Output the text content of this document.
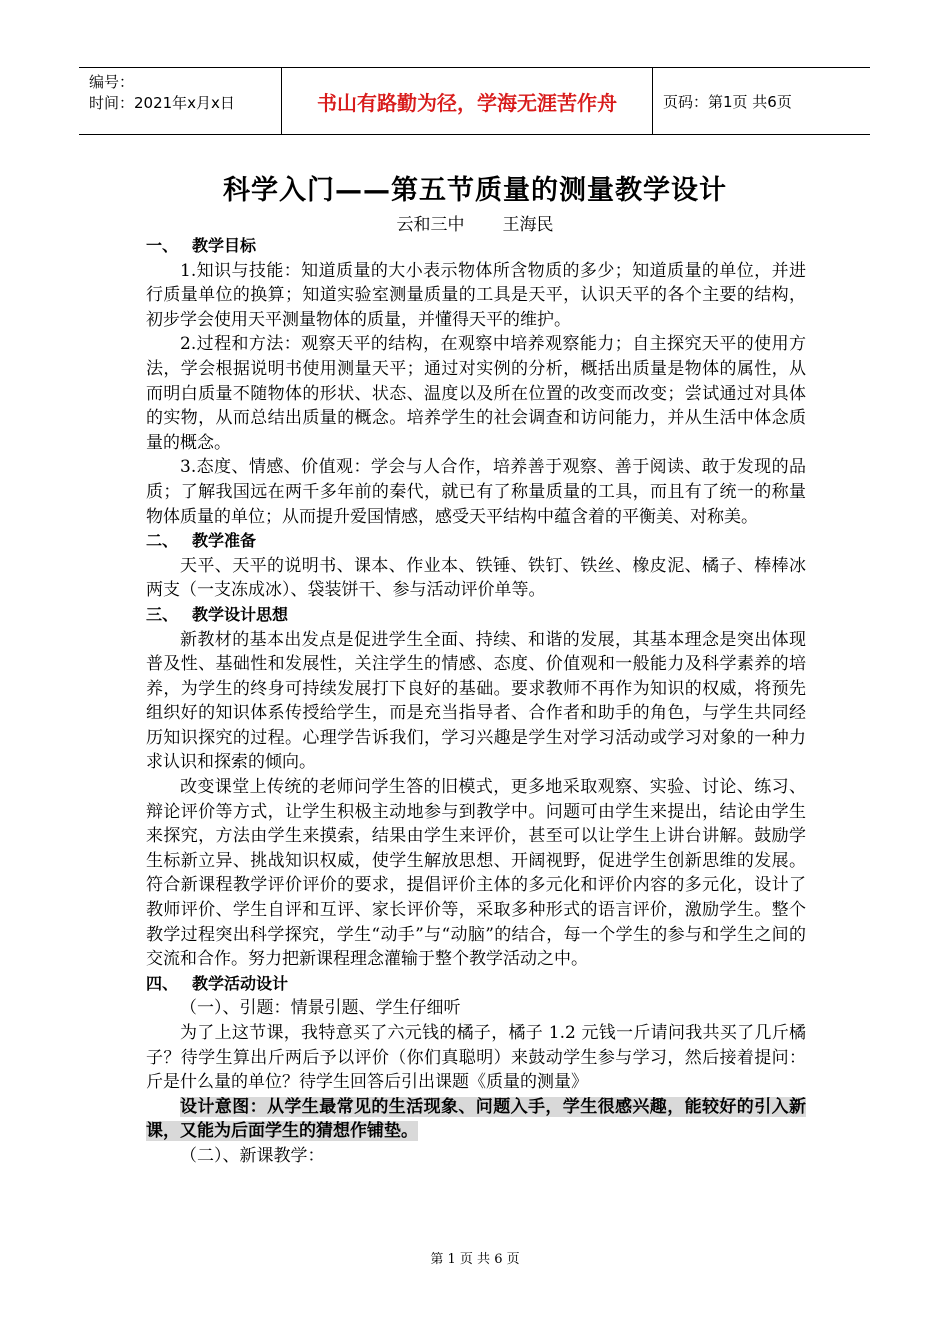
编号：
时间：2021年x月x日	书山有路勤为径，学海无涯苦作舟	页码：第1页 共6页
科学入门——第五节质量的测量教学设计
云和三中 王海民

一、 教学目标

1.知识与技能：知道质量的大小表示物体所含物质的多少；知道质量的单位，并进行质量单位的换算；知道实验室测量质量的工具是天平，认识天平的各个主要的结构，初步学会使用天平测量物体的质量，并懂得天平的维护。

2.过程和方法：观察天平的结构，在观察中培养观察能力；自主探究天平的使用方法，学会根据说明书使用测量天平；通过对实例的分析，概括出质量是物体的属性，从而明白质量不随物体的形状、状态、温度以及所在位置的改变而改变；尝试通过对具体的实物，从而总结出质量的概念。培养学生的社会调查和访问能力，并从生活中体念质量的概念。

3.态度、情感、价值观：学会与人合作，培养善于观察、善于阅读、敢于发现的品质；了解我国远在两千多年前的秦代，就已有了称量质量的工具，而且有了统一的称量物体质量的单位；从而提升爱国情感，感受天平结构中蕴含着的平衡美、对称美。

二、 教学准备

天平、天平的说明书、课本、作业本、铁锤、铁钉、铁丝、橡皮泥、橘子、棒棒冰两支（一支冻成冰）、袋装饼干、参与活动评价单等。

三、 教学设计思想

新教材的基本出发点是促进学生全面、持续、和谐的发展，其基本理念是突出体现普及性、基础性和发展性，关注学生的情感、态度、价值观和一般能力及科学素养的培养，为学生的终身可持续发展打下良好的基础。要求教师不再作为知识的权威，将预先组织好的知识体系传授给学生，而是充当指导者、合作者和助手的角色，与学生共同经历知识探究的过程。心理学告诉我们，学习兴趣是学生对学习活动或学习对象的一种力求认识和探索的倾向。

改变课堂上传统的老师问学生答的旧模式，更多地采取观察、实验、讨论、练习、辩论评价等方式，让学生积极主动地参与到教学中。问题可由学生来提出，结论由学生来探究，方法由学生来摸索，结果由学生来评价，甚至可以让学生上讲台讲解。鼓励学生标新立异、挑战知识权威，使学生解放思想、开阔视野，促进学生创新思维的发展。符合新课程教学评价评价的要求，提倡评价主体的多元化和评价内容的多元化，设计了教师评价、学生自评和互评、家长评价等，采取多种形式的语言评价，激励学生。整个教学过程突出科学探究，学生“动手”与“动脑”的结合，每一个学生的参与和学生之间的交流和合作。努力把新课程理念灌输于整个教学活动之中。

四、 教学活动设计

（一）、引题：情景引题、学生仔细听

为了上这节课，我特意买了六元钱的橘子，橘子 1.2 元钱一斤请问我共买了几斤橘子？待学生算出斤两后予以评价（你们真聪明）来鼓动学生参与学习，然后接着提问：斤是什么量的单位？待学生回答后引出课题《质量的测量》

设计意图：从学生最常见的生活现象、问题入手，学生很感兴趣，能较好的引入新课，又能为后面学生的猜想作铺垫。

（二）、新课教学：

第 1 页 共 6 页
